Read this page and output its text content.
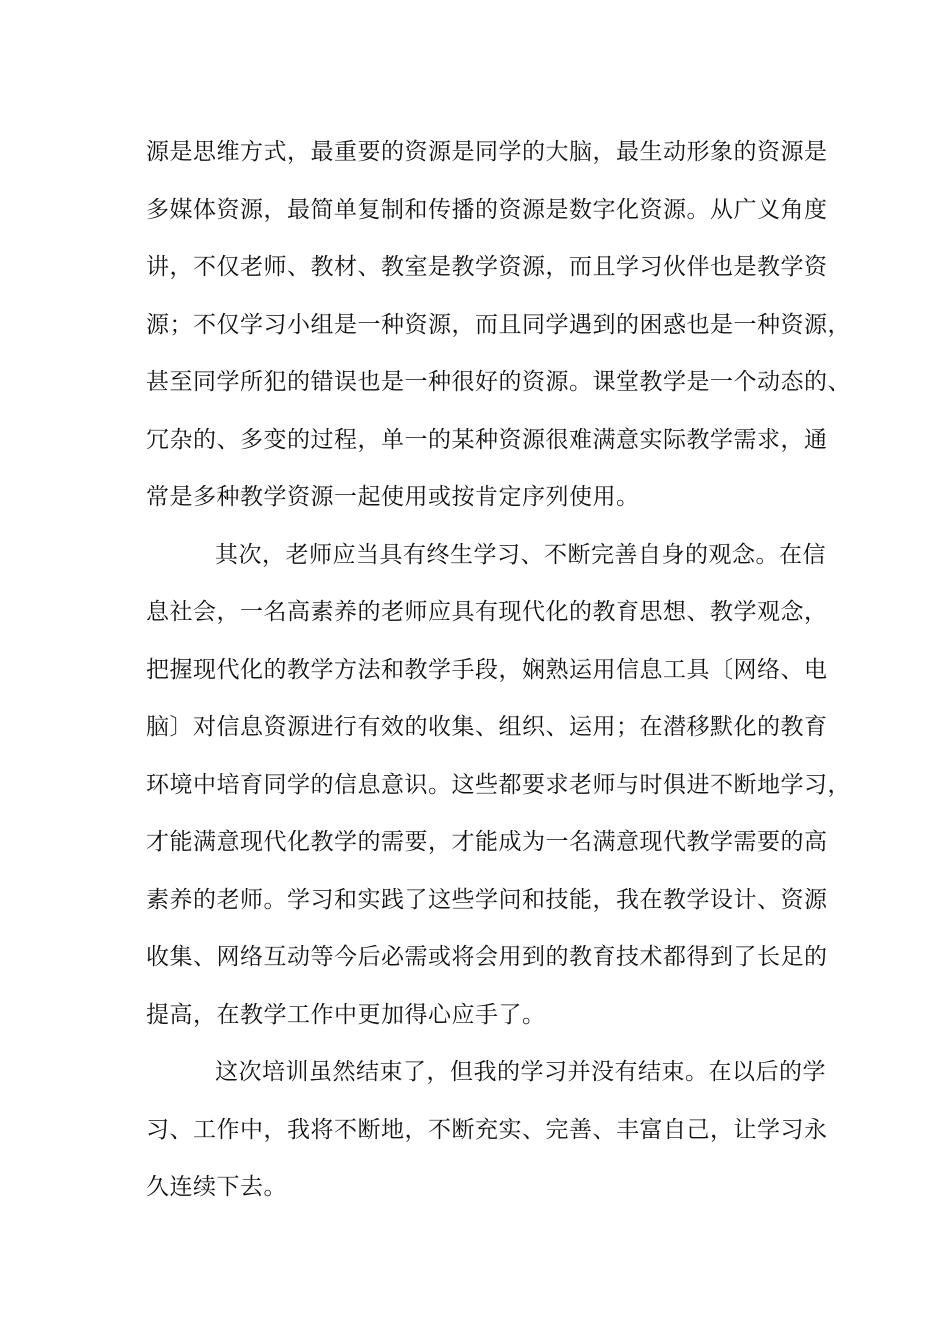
源是思维方式，最重要的资源是同学的大脑，最生动形象的资源是
多媒体资源，最简单复制和传播的资源是数字化资源。从广义角度
讲，不仅老师、教材、教室是教学资源，而且学习伙伴也是教学资
源；不仅学习小组是一种资源，而且同学遇到的困惑也是一种资源，
甚至同学所犯的错误也是一种很好的资源。课堂教学是一个动态的、
冗杂的、多变的过程，单一的某种资源很难满意实际教学需求，通
常是多种教学资源一起使用或按肯定序列使用。
其次，老师应当具有终生学习、不断完善自身的观念。在信
息社会，一名高素养的老师应具有现代化的教育思想、教学观念，
把握现代化的教学方法和教学手段，娴熟运用信息工具〔网络、电
脑〕对信息资源进行有效的收集、组织、运用；在潜移默化的教育
环境中培育同学的信息意识。这些都要求老师与时俱进不断地学习，
才能满意现代化教学的需要，才能成为一名满意现代教学需要的高
素养的老师。学习和实践了这些学问和技能，我在教学设计、资源
收集、网络互动等今后必需或将会用到的教育技术都得到了长足的
提高，在教学工作中更加得心应手了。
这次培训虽然结束了，但我的学习并没有结束。在以后的学
习、工作中，我将不断地，不断充实、完善、丰富自己，让学习永
久连续下去。
